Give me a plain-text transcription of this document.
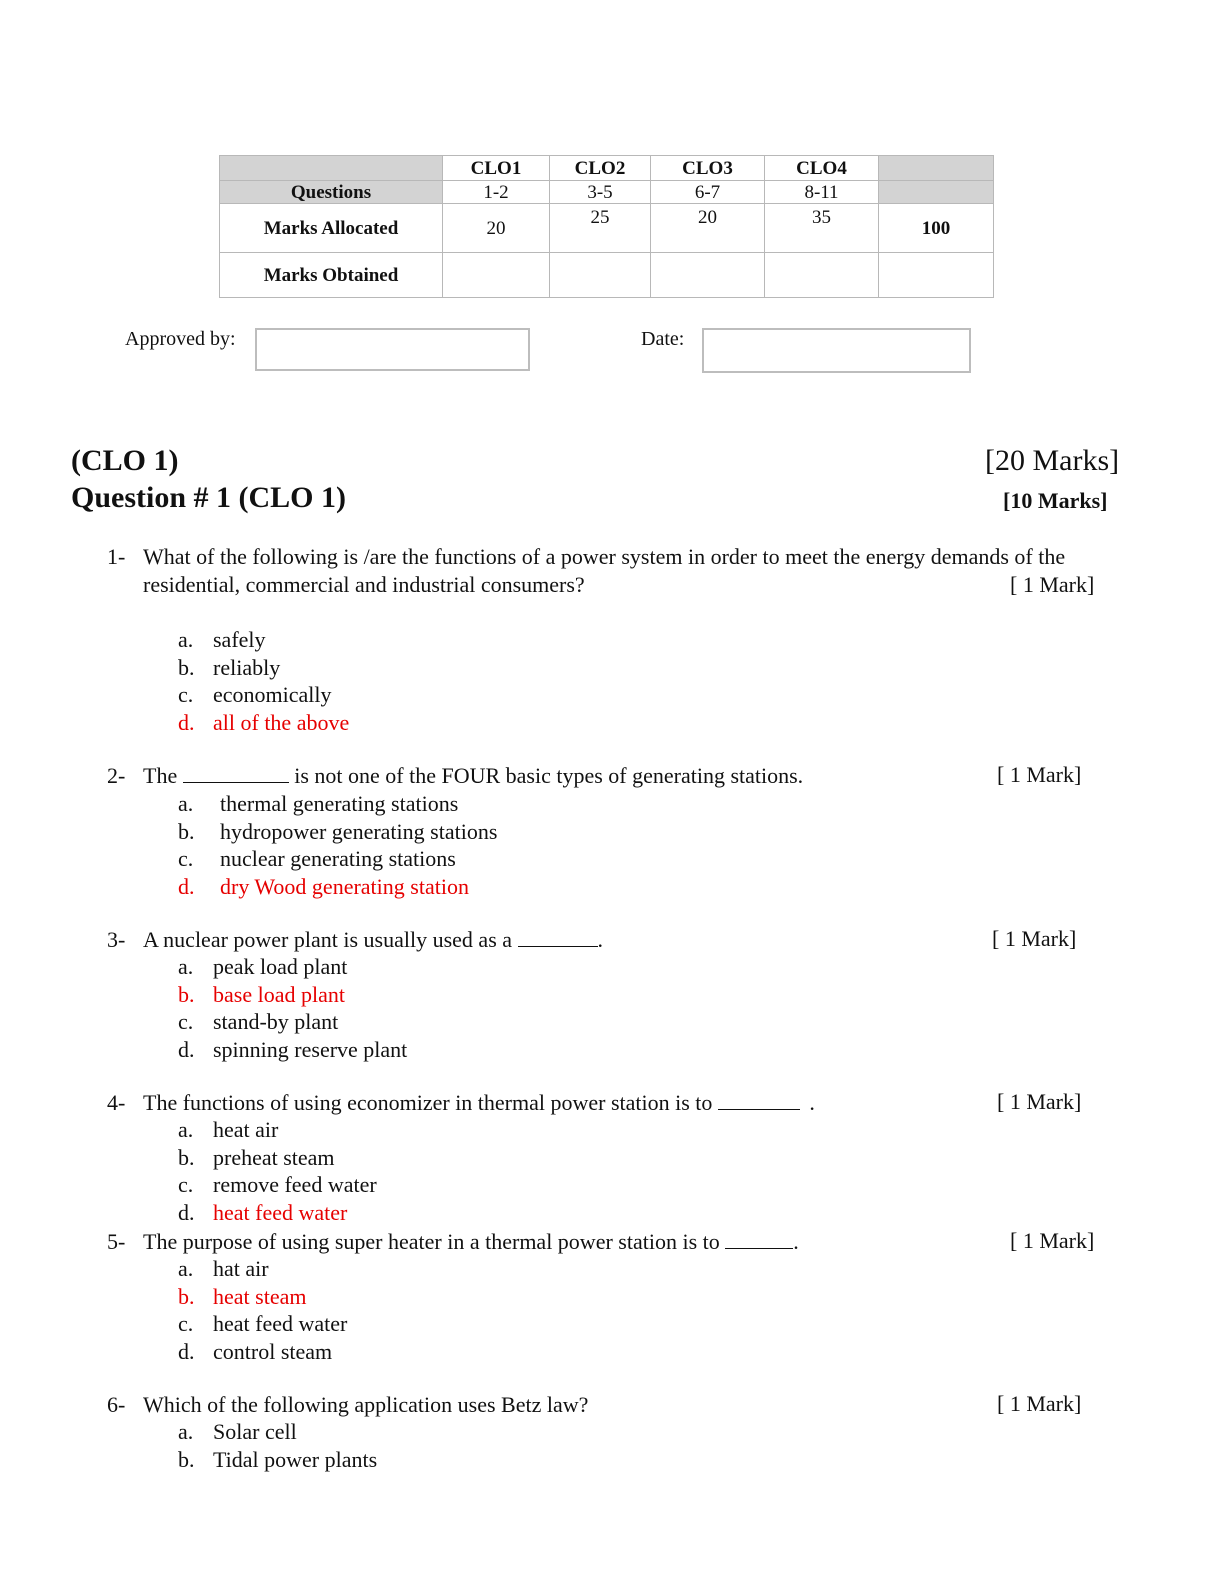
	CLO1	CLO2	CLO3	CLO4	
Questions	1-2	3-5	6-7	8-11	
Marks Allocated	20	25	20	35	100
Marks Obtained					
Approved by:	Date:
(CLO 1)	[20 Marks]
Question # 1 (CLO 1)	[10 Marks]
1- What of the following is /are the functions of a power system in order to meet the energy demands of the
residential, commercial and industrial consumers?	[ 1 Mark]
a. safely
b. reliably
c. economically
d. all of the above
2- The	is not one of the FOUR basic types of generating stations.	[ 1 Mark]
a. thermal generating stations
b. hydropower generating stations
c. nuclear generating stations
d. dry Wood generating station
3- A nuclear power plant is usually used as a	.	[ 1 Mark]
a. peak load plant
b. base load plant
c. stand-by plant
d. spinning reserve plant
4- The functions of using economizer in thermal power station is to	.	[ 1 Mark]
a. heat air
b. preheat steam
c. remove feed water
d. heat feed water
5- The purpose of using super heater in a thermal power station is to	.	[ 1 Mark]
a. hat air
b. heat steam
c. heat feed water
d. control steam
6- Which of the following application uses Betz law?	[ 1 Mark]
a. Solar cell
b. Tidal power plants
